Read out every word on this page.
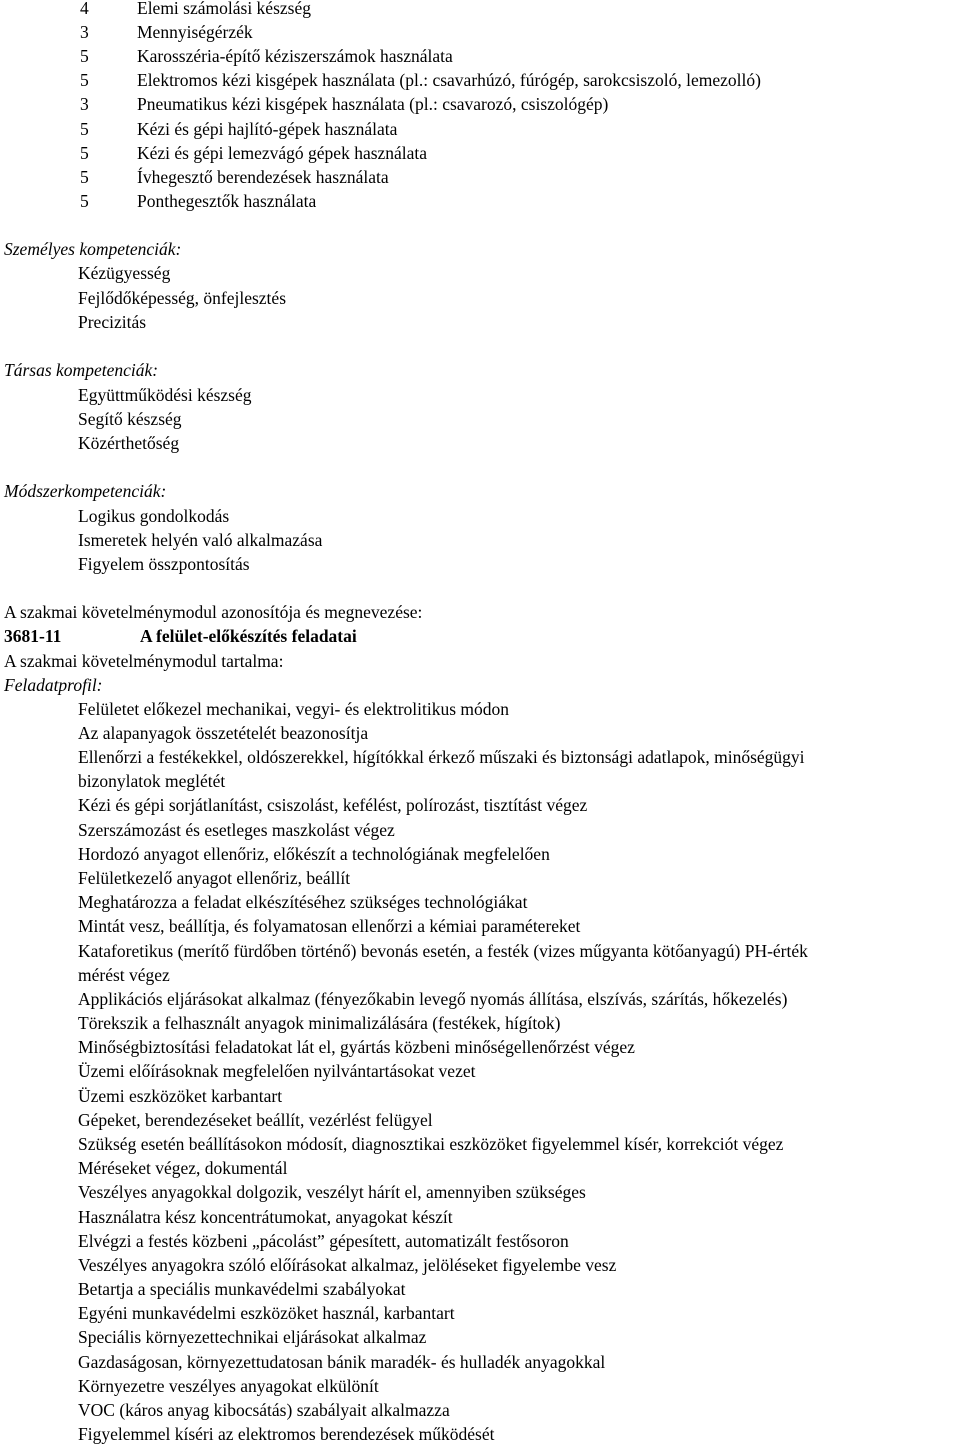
4	Elemi számolási készség
3	Mennyiségérzék
5	Karosszéria-építő kéziszerszámok használata
5	Elektromos kézi kisgépek használata (pl.: csavarhúzó, fúrógép, sarokcsiszoló, lemezolló)
3	Pneumatikus kézi kisgépek használata (pl.: csavarozó, csiszológép)
5	Kézi és gépi hajlító-gépek használata
5	Kézi és gépi lemezvágó gépek használata
5	Ívhegesztő berendezések használata
5	Ponthegesztők használata
Személyes kompetenciák:
Kézügyesség
Fejlődőképesség, önfejlesztés
Precizitás
Társas kompetenciák:
Együttműködési készség
Segítő készség
Közérthetőség
Módszerkompetenciák:
Logikus gondolkodás
Ismeretek helyén való alkalmazása
Figyelem összpontosítás
A szakmai követelménymodul azonosítója és megnevezése:
3681-11	A felület-előkészítés feladatai
A szakmai követelménymodul tartalma:
Feladatprofil:
Felületet előkezel mechanikai, vegyi- és elektrolitikus módon
Az alapanyagok összetételét beazonosítja
Ellenőrzi a festékekkel, oldószerekkel, hígítókkal érkező műszaki és biztonsági adatlapok, minőségügyi
bizonylatok meglétét
Kézi és gépi sorjátlanítást, csiszolást, kefélést, polírozást, tisztítást végez
Szerszámozást és esetleges maszkolást végez
Hordozó anyagot ellenőriz, előkészít a technológiának megfelelően
Felületkezelő anyagot ellenőriz, beállít
Meghatározza a feladat elkészítéséhez szükséges technológiákat
Mintát vesz, beállítja, és folyamatosan ellenőrzi a kémiai paramétereket
Kataforetikus (merítő fürdőben történő) bevonás esetén, a festék (vizes műgyanta kötőanyagú) PH-érték
mérést végez
Applikációs eljárásokat alkalmaz (fényezőkabin levegő nyomás állítása, elszívás, szárítás, hőkezelés)
Törekszik a felhasznált anyagok minimalizálására (festékek, hígítok)
Minőségbiztosítási feladatokat lát el, gyártás közbeni minőségellenőrzést végez
Üzemi előírásoknak megfelelően nyilvántartásokat vezet
Üzemi eszközöket karbantart
Gépeket, berendezéseket beállít, vezérlést felügyel
Szükség esetén beállításokon módosít, diagnosztikai eszközöket figyelemmel kísér, korrekciót végez
Méréseket végez, dokumentál
Veszélyes anyagokkal dolgozik, veszélyt hárít el, amennyiben szükséges
Használatra kész koncentrátumokat, anyagokat készít
Elvégzi a festés közbeni „pácolást” gépesített, automatizált festősoron
Veszélyes anyagokra szóló előírásokat alkalmaz, jelöléseket figyelembe vesz
Betartja a speciális munkavédelmi szabályokat
Egyéni munkavédelmi eszközöket használ, karbantart
Speciális környezettechnikai eljárásokat alkalmaz
Gazdaságosan, környezettudatosan bánik maradék- és hulladék anyagokkal
Környezetre veszélyes anyagokat elkülönít
VOC (káros anyag kibocsátás) szabályait alkalmazza
Figyelemmel kíséri az elektromos berendezések működését
